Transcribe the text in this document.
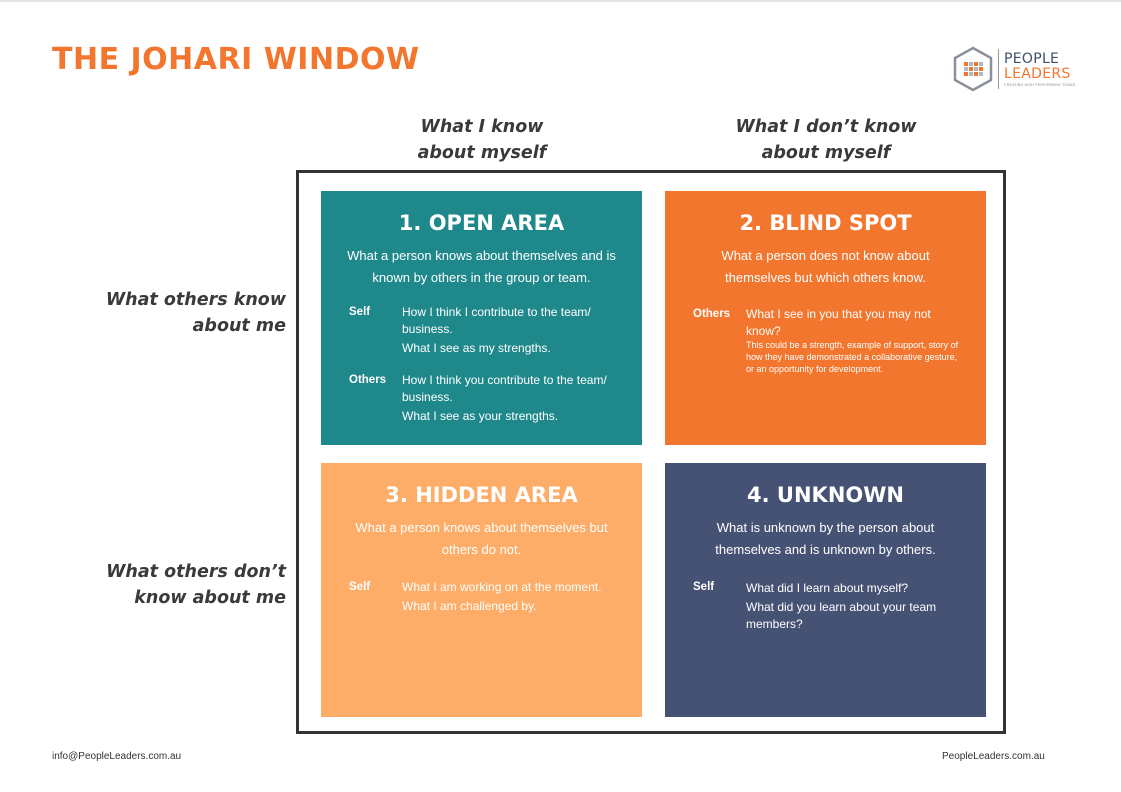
THE JOHARI WINDOW	PEOPLE
LEADERS
CREATING HIGH PERFORMING TEAMS
What I know
about myself
What I don’t know
about myself
What others know
about me
What others don’t
know about me
1. OPEN AREA
What a person knows about themselves and is known by others in the group or team.
Self	How I think I contribute to the team/ business.
What I see as my strengths.
Others How I think you contribute to the team/ business.
What I see as your strengths.
2. BLIND SPOT
What a person does not know about themselves but which others know.
Others What I see in you that you may not know?
This could be a strength, example of support, story of how they have demonstrated a collaborative gesture, or an opportunity for development.
3. HIDDEN AREA
What a person knows about themselves but others do not.
Self	What I am working on at the moment.
What I am challenged by.
4. UNKNOWN
What is unknown by the person about themselves and is unknown by others.
Self	What did I learn about myself?
What did you learn about your team members?
info@PeopleLeaders.com.au	PeopleLeaders.com.au
